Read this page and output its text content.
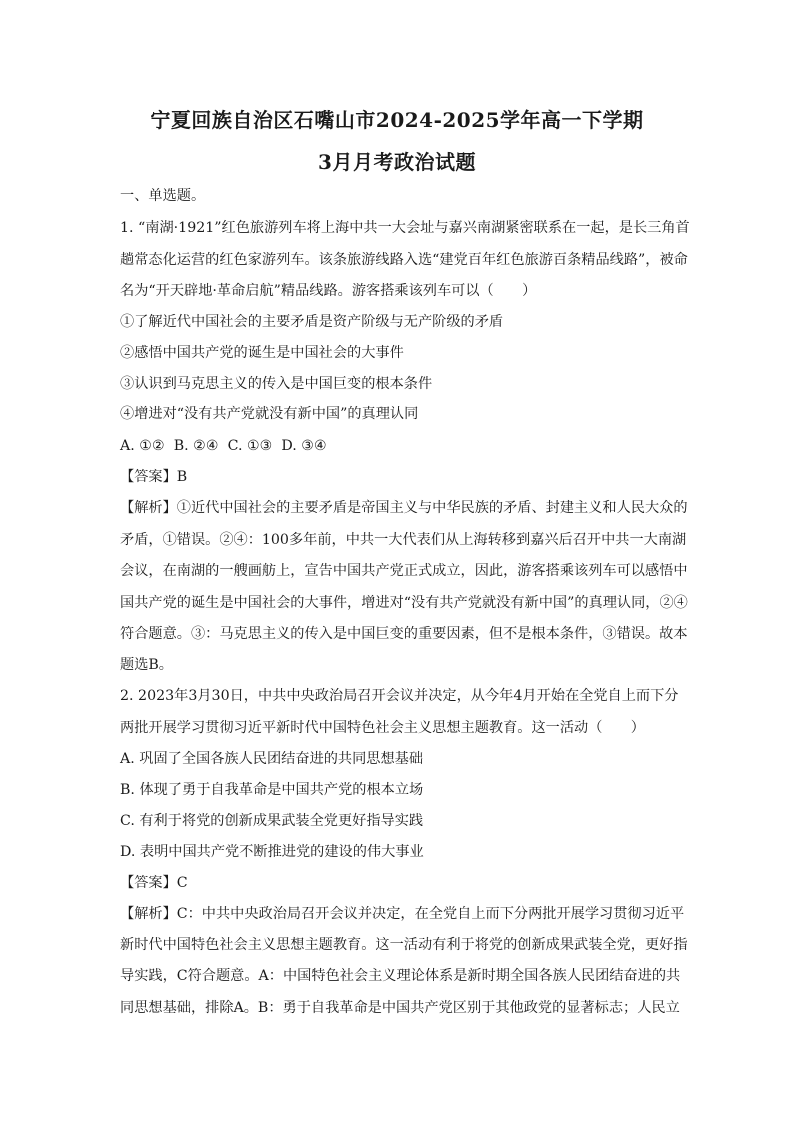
宁夏回族自治区石嘴山市2024-2025学年高一下学期
3月月考政治试题
一、单选题。
1. “南湖·1921”红色旅游列车将上海中共一大会址与嘉兴南湖紧密联系在一起，是长三角首
趟常态化运营的红色家游列车。该条旅游线路入选“建党百年红色旅游百条精品线路”，被命
名为“开天辟地·革命启航”精品线路。游客搭乘该列车可以（　　）
①了解近代中国社会的主要矛盾是资产阶级与无产阶级的矛盾
②感悟中国共产党的诞生是中国社会的大事件
③认识到马克思主义的传入是中国巨变的根本条件
④增进对“没有共产党就没有新中国”的真理认同
A. ①② B. ②④ C. ①③ D. ③④
【答案】B
【解析】①近代中国社会的主要矛盾是帝国主义与中华民族的矛盾、封建主义和人民大众的
矛盾，①错误。②④：100多年前，中共一大代表们从上海转移到嘉兴后召开中共一大南湖
会议，在南湖的一艘画舫上，宣告中国共产党正式成立，因此，游客搭乘该列车可以感悟中
国共产党的诞生是中国社会的大事件，增进对“没有共产党就没有新中国”的真理认同，②④
符合题意。③：马克思主义的传入是中国巨变的重要因素，但不是根本条件，③错误。故本
题选B。
2. 2023年3月30日，中共中央政治局召开会议并决定，从今年4月开始在全党自上而下分
两批开展学习贯彻习近平新时代中国特色社会主义思想主题教育。这一活动（　　）
A. 巩固了全国各族人民团结奋进的共同思想基础
B. 体现了勇于自我革命是中国共产党的根本立场
C. 有利于将党的创新成果武装全党更好指导实践
D. 表明中国共产党不断推进党的建设的伟大事业
【答案】C
【解析】C：中共中央政治局召开会议并决定，在全党自上而下分两批开展学习贯彻习近平
新时代中国特色社会主义思想主题教育。这一活动有利于将党的创新成果武装全党，更好指
导实践，C符合题意。A：中国特色社会主义理论体系是新时期全国各族人民团结奋进的共
同思想基础，排除A。B：勇于自我革命是中国共产党区别于其他政党的显著标志；人民立
